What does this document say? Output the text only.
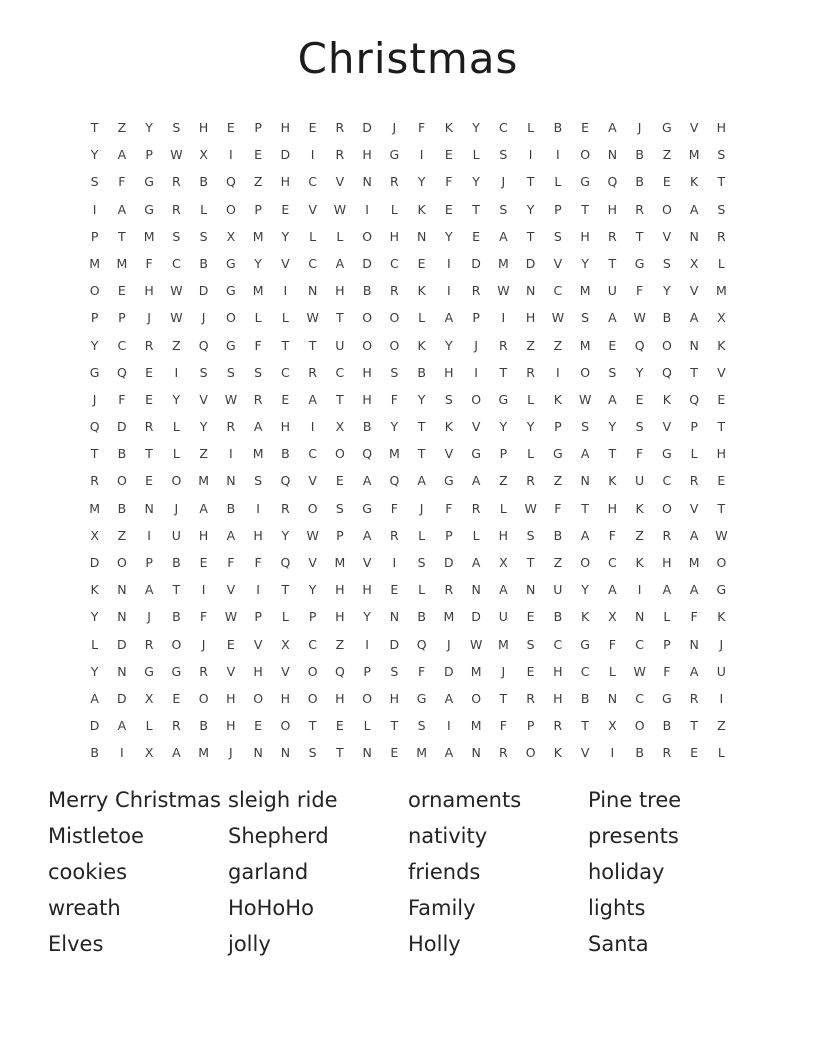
Christmas
T	Z	Y	S	H	E	P	H	E	R	D	J	F	K	Y	C	L	B	E	A	J	G	V	H
Y	A	P	W	X	I	E	D	I	R	H	G	I	E	L	S	I	I	O	N	B	Z	M	S
S	F	G	R	B	Q	Z	H	C	V	N	R	Y	F	Y	J	T	L	G	Q	B	E	K	T
I	A	G	R	L	O	P	E	V	W	I	L	K	E	T	S	Y	P	T	H	R	O	A	S
P	T	M	S	S	X	M	Y	L	L	O	H	N	Y	E	A	T	S	H	R	T	V	N	R
M	M	F	C	B	G	Y	V	C	A	D	C	E	I	D	M	D	V	Y	T	G	S	X	L
O	E	H	W	D	G	M	I	N	H	B	R	K	I	R	W	N	C	M	U	F	Y	V	M
P	P	J	W	J	O	L	L	W	T	O	O	L	A	P	I	H	W	S	A	W	B	A	X
Y	C	R	Z	Q	G	F	T	T	U	O	O	K	Y	J	R	Z	Z	M	E	Q	O	N	K
G	Q	E	I	S	S	S	C	R	C	H	S	B	H	I	T	R	I	O	S	Y	Q	T	V
J	F	E	Y	V	W	R	E	A	T	H	F	Y	S	O	G	L	K	W	A	E	K	Q	E
Q	D	R	L	Y	R	A	H	I	X	B	Y	T	K	V	Y	Y	P	S	Y	S	V	P	T
T	B	T	L	Z	I	M	B	C	O	Q	M	T	V	G	P	L	G	A	T	F	G	L	H
R	O	E	O	M	N	S	Q	V	E	A	Q	A	G	A	Z	R	Z	N	K	U	C	R	E
M	B	N	J	A	B	I	R	O	S	G	F	J	F	R	L	W	F	T	H	K	O	V	T
X	Z	I	U	H	A	H	Y	W	P	A	R	L	P	L	H	S	B	A	F	Z	R	A	W
D	O	P	B	E	F	F	Q	V	M	V	I	S	D	A	X	T	Z	O	C	K	H	M	O
K	N	A	T	I	V	I	T	Y	H	H	E	L	R	N	A	N	U	Y	A	I	A	A	G
Y	N	J	B	F	W	P	L	P	H	Y	N	B	M	D	U	E	B	K	X	N	L	F	K
L	D	R	O	J	E	V	X	C	Z	I	D	Q	J	W	M	S	C	G	F	C	P	N	J
Y	N	G	G	R	V	H	V	O	Q	P	S	F	D	M	J	E	H	C	L	W	F	A	U
A	D	X	E	O	H	O	H	O	H	O	H	G	A	O	T	R	H	B	N	C	G	R	I
D	A	L	R	B	H	E	O	T	E	L	T	S	I	M	F	P	R	T	X	O	B	T	Z
B	I	X	A	M	J	N	N	S	T	N	E	M	A	N	R	O	K	V	I	B	R	E	L
Merry Christmas
Mistletoe
cookies
wreath
Elves
sleigh ride
Shepherd
garland
HoHoHo
jolly
ornaments
nativity
friends
Family
Holly
Pine tree
presents
holiday
lights
Santa
